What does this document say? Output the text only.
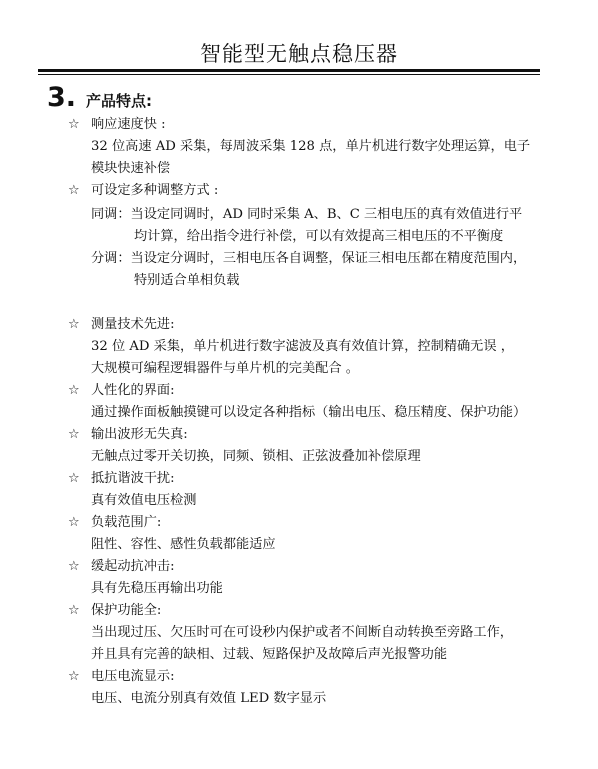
智能型无触点稳压器
3. 产品特点:
☆ 响应速度快 :
32 位高速 AD 采集，每周波采集 128 点，单片机进行数字处理运算，电子
模块快速补偿
☆ 可设定多种调整方式 :
同调：当设定同调时，AD 同时采集 A、B、C 三相电压的真有效值进行平
均计算，给出指令进行补偿，可以有效提高三相电压的不平衡度
分调：当设定分调时，三相电压各自调整，保证三相电压都在精度范围内，
特别适合单相负载
☆ 测量技术先进:
32 位 AD 采集，单片机进行数字滤波及真有效值计算，控制精确无误 ，
大规模可编程逻辑器件与单片机的完美配合 。
☆ 人性化的界面:
通过操作面板触摸键可以设定各种指标（输出电压、稳压精度、保护功能）
☆ 输出波形无失真:
无触点过零开关切换，同频、锁相、正弦波叠加补偿原理
☆ 抵抗谐波干扰:
真有效值电压检测
☆ 负载范围广:
阻性、容性、感性负载都能适应
☆ 缓起动抗冲击:
具有先稳压再输出功能
☆ 保护功能全:
当出现过压、欠压时可在可设秒内保护或者不间断自动转换至旁路工作，
并且具有完善的缺相、过载、短路保护及故障后声光报警功能
☆ 电压电流显示:
电压、电流分别真有效值 LED 数字显示
